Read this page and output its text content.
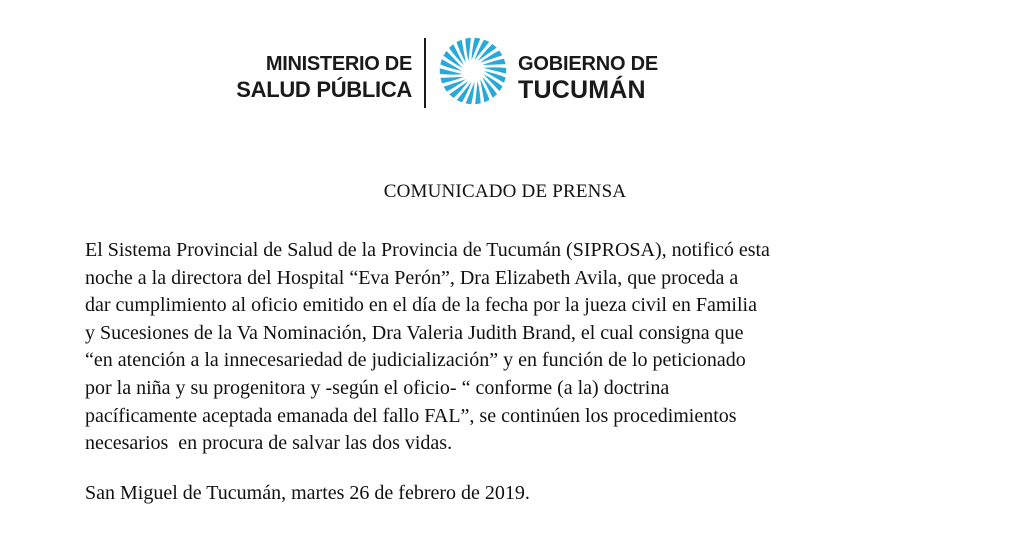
MINISTERIO DE
SALUD PÚBLICA
GOBIERNO DE
TUCUMÁN
COMUNICADO DE PRENSA
El Sistema Provincial de Salud de la Provincia de Tucumán (SIPROSA), notificó esta
noche a la directora del Hospital “Eva Perón”, Dra Elizabeth Avila, que proceda a
dar cumplimiento al oficio emitido en el día de la fecha por la jueza civil en Familia
y Sucesiones de la Va Nominación, Dra Valeria Judith Brand, el cual consigna que
“en atención a la innecesariedad de judicialización” y en función de lo peticionado
por la niña y su progenitora y -según el oficio- “ conforme (a la) doctrina
pacíficamente aceptada emanada del fallo FAL”, se continúen los procedimientos
necesarios  en procura de salvar las dos vidas.
San Miguel de Tucumán, martes 26 de febrero de 2019.
